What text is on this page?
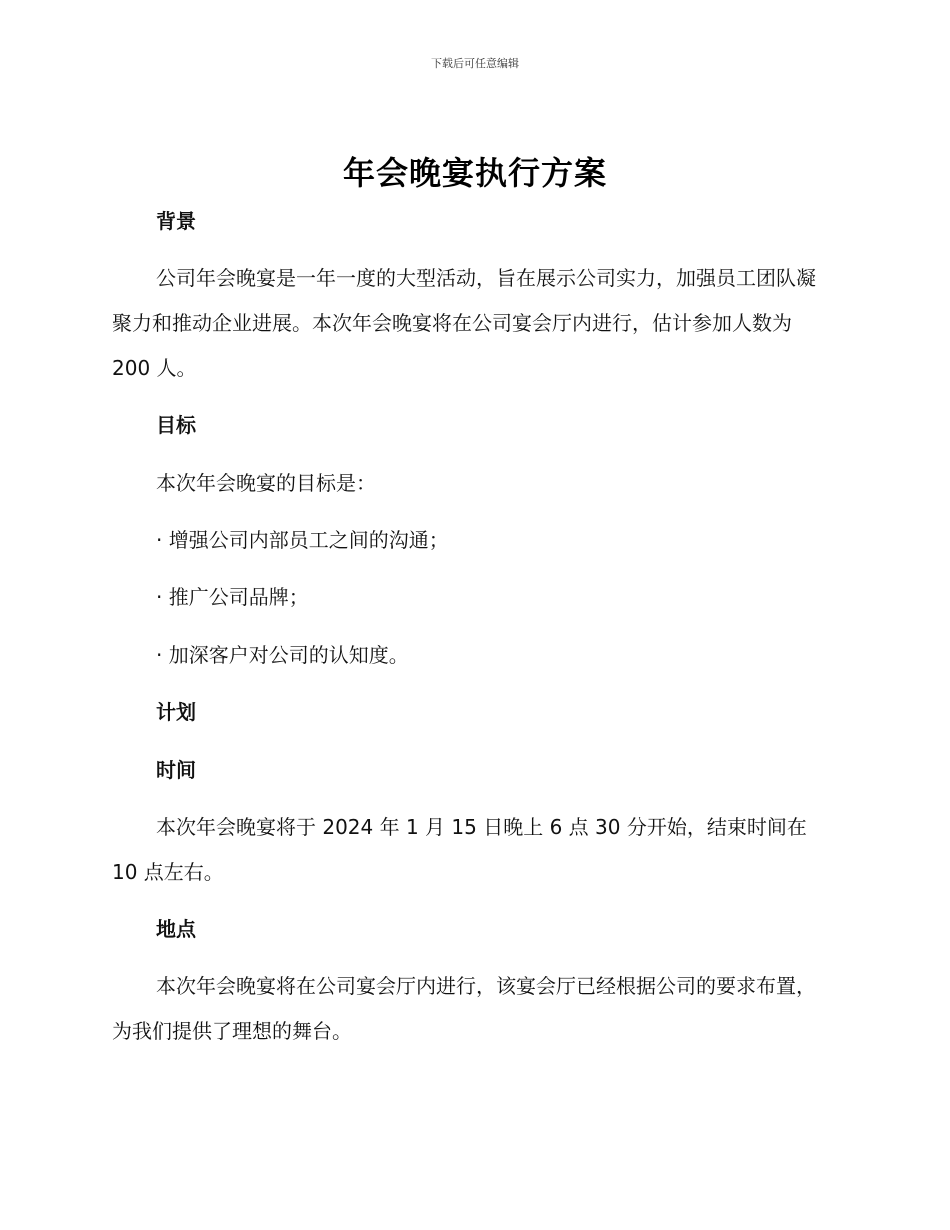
下载后可任意编辑
年会晚宴执行方案
背景
公司年会晚宴是一年一度的大型活动，旨在展示公司实力，加强员工团队凝聚力和推动企业进展。本次年会晚宴将在公司宴会厅内进行，估计参加人数为 200 人。
目标
本次年会晚宴的目标是：
· 增强公司内部员工之间的沟通；
· 推广公司品牌；
· 加深客户对公司的认知度。
计划
时间
本次年会晚宴将于 2024 年 1 月 15 日晚上 6 点 30 分开始，结束时间在 10 点左右。
地点
本次年会晚宴将在公司宴会厅内进行，该宴会厅已经根据公司的要求布置，为我们提供了理想的舞台。
